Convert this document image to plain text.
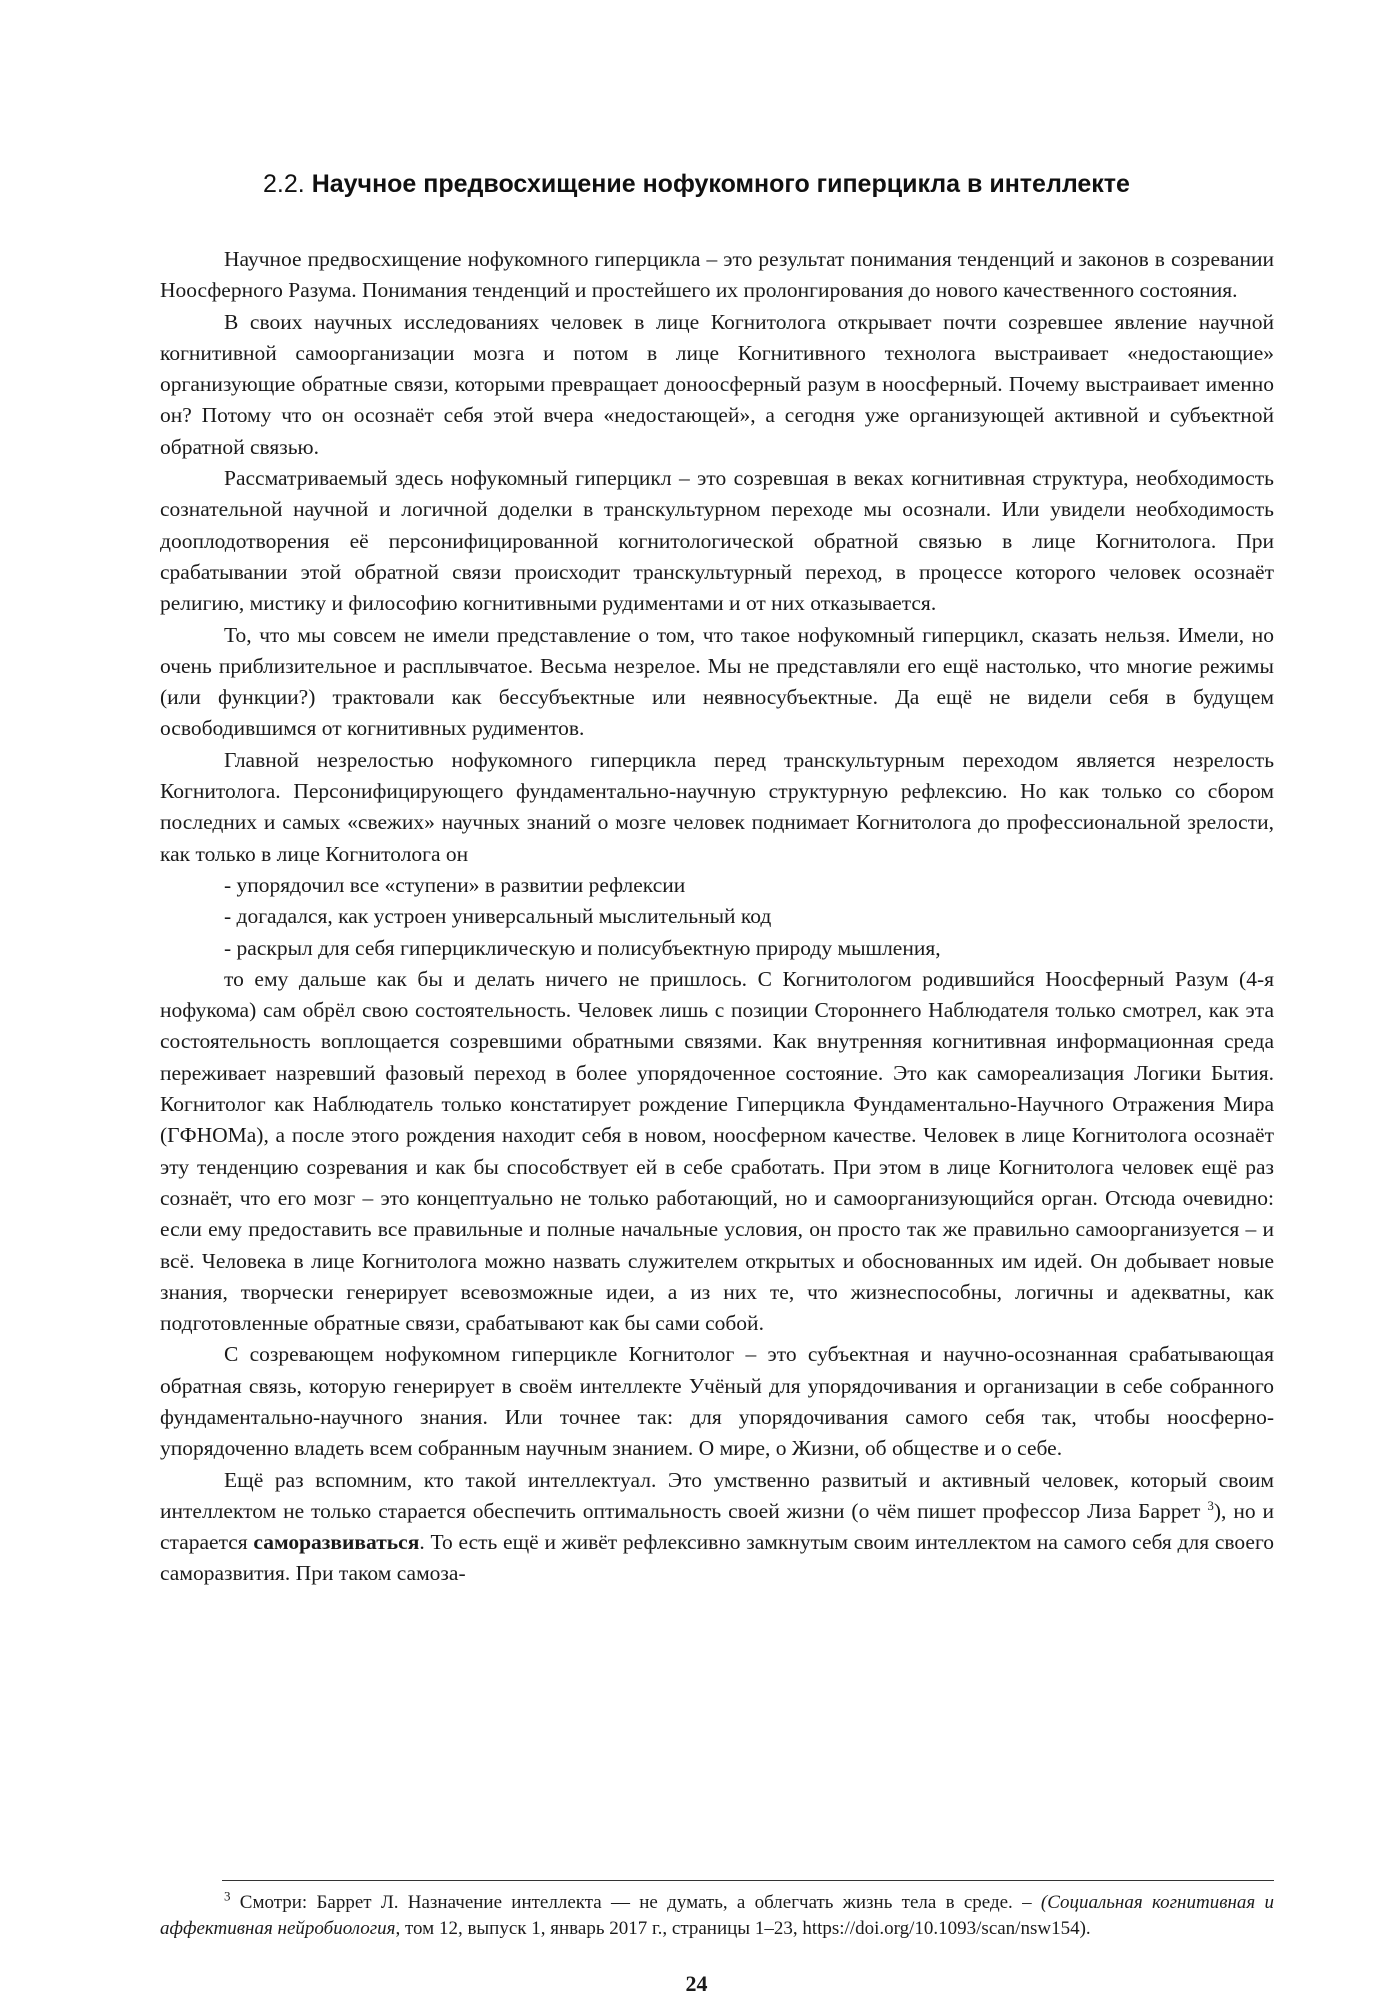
2.2. Научное предвосхищение нофукомного гиперцикла в интеллекте

Научное предвосхищение нофукомного гиперцикла – это результат понимания тенденций и законов в созревании Ноосферного Разума. Понимания тенденций и простейшего их пролонгирования до нового качественного состояния.

В своих научных исследованиях человек в лице Когнитолога открывает почти созревшее явление научной когнитивной самоорганизации мозга и потом в лице Когнитивного технолога выстраивает «недостающие» организующие обратные связи, которыми превращает доноосферный разум в ноосферный. Почему выстраивает именно он? Потому что он осознаёт себя этой вчера «недостающей», а сегодня уже организующей активной и субъектной обратной связью.

Рассматриваемый здесь нофукомный гиперцикл – это созревшая в веках когнитивная структура, необходимость сознательной научной и логичной доделки в транскультурном переходе мы осознали. Или увидели необходимость дооплодотворения её персонифицированной когнитологической обратной связью в лице Когнитолога. При срабатывании этой обратной связи происходит транскультурный переход, в процессе которого человек осознаёт религию, мистику и философию когнитивными рудиментами и от них отказывается.

То, что мы совсем не имели представление о том, что такое нофукомный гиперцикл, сказать нельзя. Имели, но очень приблизительное и расплывчатое. Весьма незрелое. Мы не представляли его ещё настолько, что многие режимы (или функции?) трактовали как бессубъектные или неявносубъектные. Да ещё не видели себя в будущем освободившимся от когнитивных рудиментов.

Главной незрелостью нофукомного гиперцикла перед транскультурным переходом является незрелость Когнитолога. Персонифицирующего фундаментально-научную структурную рефлексию. Но как только со сбором последних и самых «свежих» научных знаний о мозге человек поднимает Когнитолога до профессиональной зрелости, как только в лице Когнитолога он

- упорядочил все «ступени» в развитии рефлексии

- догадался, как устроен универсальный мыслительный код

- раскрыл для себя гиперциклическую и полисубъектную природу мышления,

то ему дальше как бы и делать ничего не пришлось. С Когнитологом родившийся Ноосферный Разум (4-я нофукома) сам обрёл свою состоятельность. Человек лишь с позиции Стороннего Наблюдателя только смотрел, как эта состоятельность воплощается созревшими обратными связями. Как внутренняя когнитивная информационная среда переживает назревший фазовый переход в более упорядоченное состояние. Это как самореализация Логики Бытия. Когнитолог как Наблюдатель только констатирует рождение Гиперцикла Фундаментально-Научного Отражения Мира (ГФНОМа), а после этого рождения находит себя в новом, ноосферном качестве. Человек в лице Когнитолога осознаёт эту тенденцию созревания и как бы способствует ей в себе сработать. При этом в лице Когнитолога человек ещё раз сознаёт, что его мозг – это концептуально не только работающий, но и самоорганизующийся орган. Отсюда очевидно: если ему предоставить все правильные и полные начальные условия, он просто так же правильно самоорганизуется – и всё. Человека в лице Когнитолога можно назвать служителем открытых и обоснованных им идей. Он добывает новые знания, творчески генерирует всевозможные идеи, а из них те, что жизнеспособны, логичны и адекватны, как подготовленные обратные связи, срабатывают как бы сами собой.

С созревающем нофукомном гиперцикле Когнитолог – это субъектная и научно-осознанная срабатывающая обратная связь, которую генерирует в своём интеллекте Учёный для упорядочивания и организации в себе собранного фундаментально-научного знания. Или точнее так: для упорядочивания самого себя так, чтобы ноосферно-упорядоченно владеть всем собранным научным знанием. О мире, о Жизни, об обществе и о себе.

Ещё раз вспомним, кто такой интеллектуал. Это умственно развитый и активный человек, который своим интеллектом не только старается обеспечить оптимальность своей жизни (о чём пишет профессор Лиза Баррет $^3$), но и старается саморазвиваться. То есть ещё и живёт рефлексивно замкнутым своим интеллектом на самого себя для своего саморазвития. При таком самоза-

$^3$ Смотри: Баррет Л. Назначение интеллекта — не думать, а облегчать жизнь тела в среде. – (Социальная когнитивная и аффективная нейробиология, том 12, выпуск 1, январь 2017 г., страницы 1–23, https://doi.org/10.1093/scan/nsw154).
24
